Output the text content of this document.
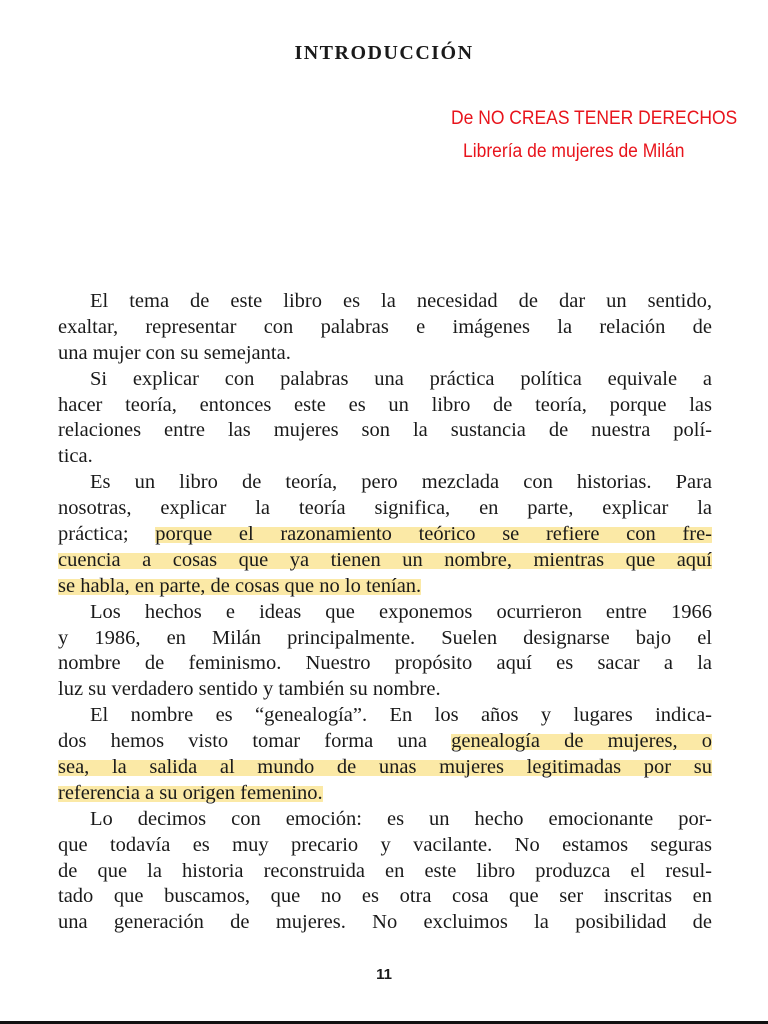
INTRODUCCIÓN
De NO CREAS TENER DERECHOS
Librería de mujeres de Milán
El tema de este libro es la necesidad de dar un sentido,
exaltar, representar con palabras e imágenes la relación de
una mujer con su semejanta.
Si explicar con palabras una práctica política equivale a
hacer teoría, entonces este es un libro de teoría, porque las
relaciones entre las mujeres son la sustancia de nuestra polí-
tica.
Es un libro de teoría, pero mezclada con historias. Para
nosotras, explicar la teoría significa, en parte, explicar la
práctica; porque el razonamiento teórico se refiere con fre-
cuencia a cosas que ya tienen un nombre, mientras que aquí
se habla, en parte, de cosas que no lo tenían.
Los hechos e ideas que exponemos ocurrieron entre 1966
y 1986, en Milán principalmente. Suelen designarse bajo el
nombre de feminismo. Nuestro propósito aquí es sacar a la
luz su verdadero sentido y también su nombre.
El nombre es “genealogía”. En los años y lugares indica-
dos hemos visto tomar forma una genealogía de mujeres, o
sea, la salida al mundo de unas mujeres legitimadas por su
referencia a su origen femenino.
Lo decimos con emoción: es un hecho emocionante por-
que todavía es muy precario y vacilante. No estamos seguras
de que la historia reconstruida en este libro produzca el resul-
tado que buscamos, que no es otra cosa que ser inscritas en
una generación de mujeres. No excluimos la posibilidad de
11
